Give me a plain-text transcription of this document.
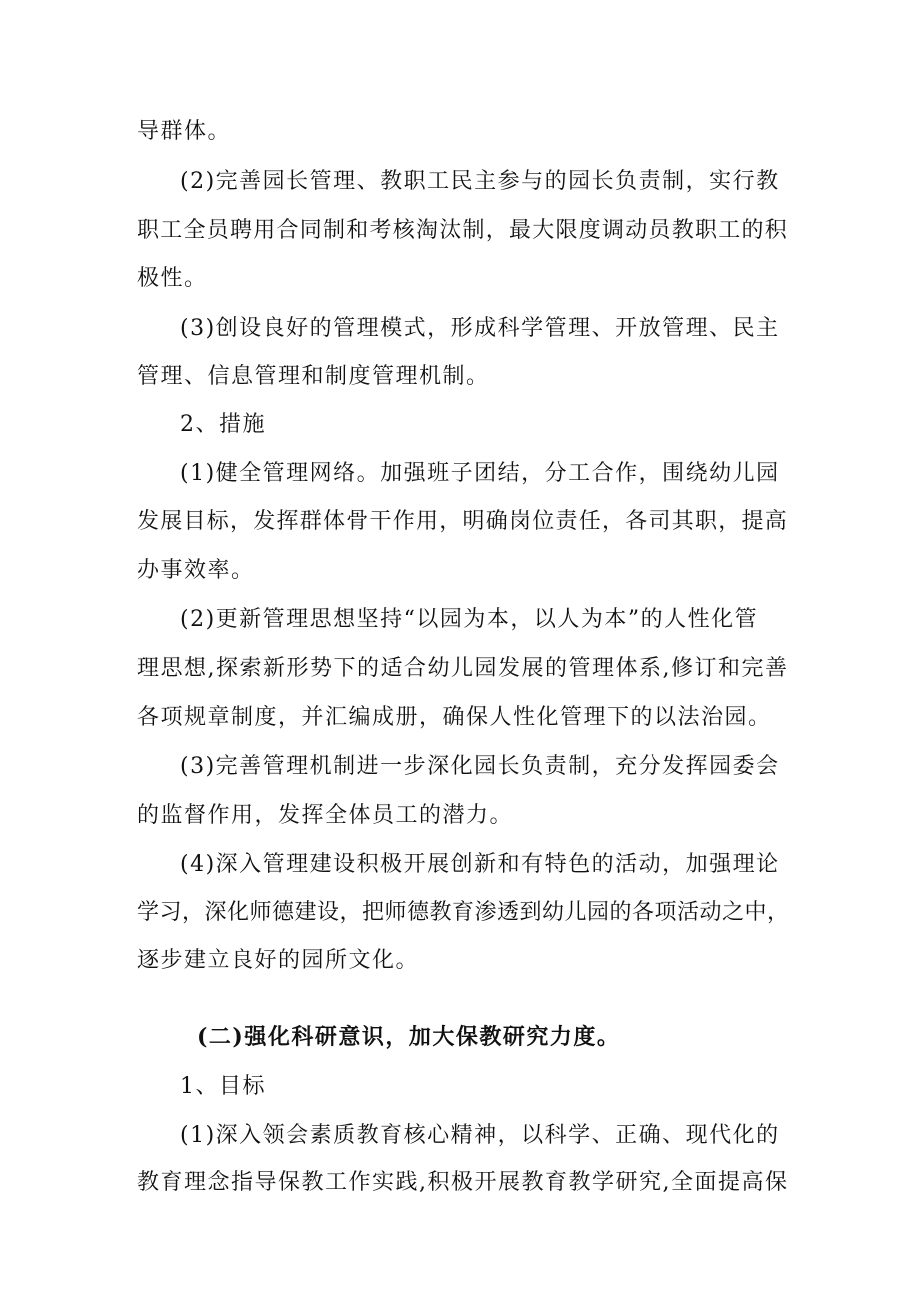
导群体。
(2)完善园长管理、教职工民主参与的园长负责制，实行教
职工全员聘用合同制和考核淘汰制，最大限度调动员教职工的积
极性。
(3)创设良好的管理模式，形成科学管理、开放管理、民主
管理、信息管理和制度管理机制。
2、措施
(1)健全管理网络。加强班子团结，分工合作，围绕幼儿园
发展目标，发挥群体骨干作用，明确岗位责任，各司其职，提高
办事效率。
(2)更新管理思想坚持“以园为本，以人为本”的人性化管
理思想,探索新形势下的适合幼儿园发展的管理体系,修订和完善
各项规章制度，并汇编成册，确保人性化管理下的以法治园。
(3)完善管理机制进一步深化园长负责制，充分发挥园委会
的监督作用，发挥全体员工的潜力。
(4)深入管理建设积极开展创新和有特色的活动，加强理论
学习，深化师德建设，把师德教育渗透到幼儿园的各项活动之中，
逐步建立良好的园所文化。
(二)强化科研意识，加大保教研究力度。
1、目标
(1)深入领会素质教育核心精神，以科学、正确、现代化的
教育理念指导保教工作实践,积极开展教育教学研究,全面提高保
